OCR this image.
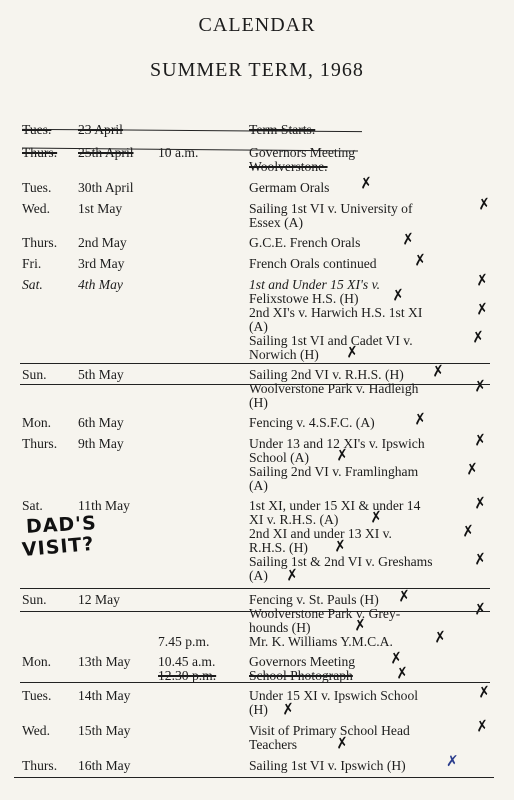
CALENDAR
SUMMER TERM, 1968
Tues. 23 April	Term Starts.
Thurs. 25th April 10 a.m.	Governors Meeting
Woolverstone.
Tues. 30th April	Germam Orals ✗
Wed. 1st May	Sailing 1st VI v. University of
Essex (A)
✗
Thurs. 2nd May	G.C.E. French Orals	✗
Fri.	3rd May	French Orals continued ✗
Sat.	4th May	1st and Under 15 XI's v.
Felixstowe H.S. (H)
2nd XI's v. Harwich H.S. 1st XI
(A)
Sailing 1st VI and Cadet VI v.
Norwich (H)
✗
✗
✗
✗
✗
Sun. 5th May	Sailing 2nd VI v. R.H.S. (H)
Woolverstone Park v. Hadleigh
(H)
✗
✗
Mon. 6th May	Fencing v. 4.S.F.C. (A)	✗
Thurs. 9th May	Under 13 and 12 XI's v. Ipswich
School (A)
Sailing 2nd VI v. Framlingham
(A)
✗
✗
✗
Sat.	11th May	1st XI, under 15 XI & under 14
XI v. R.H.S. (A)
2nd XI and under 13 XI v.
R.H.S. (H)
Sailing 1st & 2nd VI v. Greshams
(A)
✗
✗
✗
✗
✗
✗
DAD'S
VISIT?
Sun. 12 May	Fencing v. St. Pauls (H)
Woolverstone Park v. Grey-
hounds (H)
✗
✗
✗
7.45 p.m.	Mr. K. Williams Y.M.C.A.	✗
Mon. 13th May 10.45 a.m. Governors Meeting
12.30 p.m. School Photograph
✗
✗
Tues. 14th May	Under 15 XI v. Ipswich School
(H)
✗
✗
Wed. 15th May	Visit of Primary School Head
Teachers
✗
✗
Thurs. 16th May	Sailing 1st VI v. Ipswich (H)	✗
